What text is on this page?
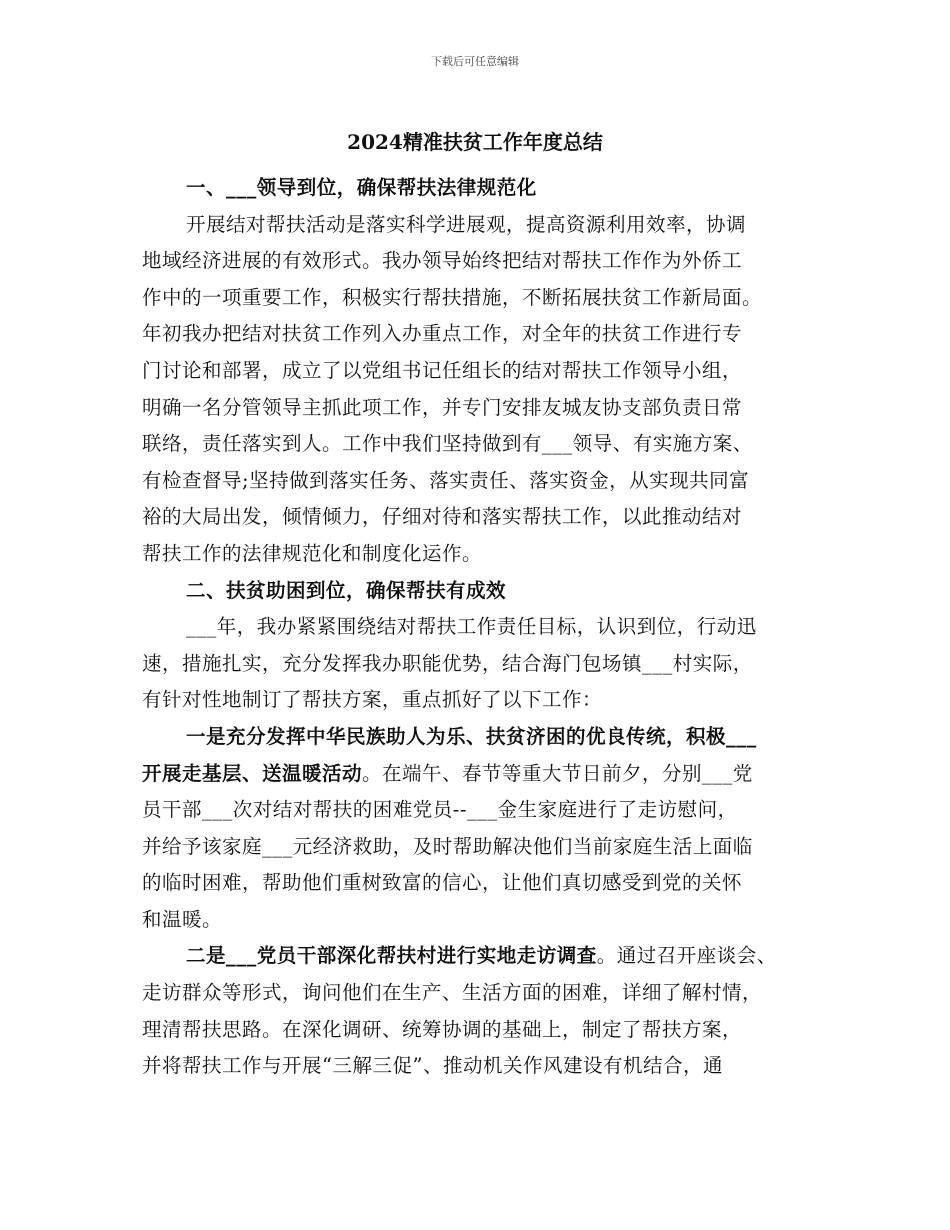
下载后可任意编辑
2024精准扶贫工作年度总结
一、___领导到位，确保帮扶法律规范化
开展结对帮扶活动是落实科学进展观，提高资源利用效率，协调
地域经济进展的有效形式。我办领导始终把结对帮扶工作作为外侨工
作中的一项重要工作，积极实行帮扶措施，不断拓展扶贫工作新局面。
年初我办把结对扶贫工作列入办重点工作，对全年的扶贫工作进行专
门讨论和部署，成立了以党组书记任组长的结对帮扶工作领导小组，
明确一名分管领导主抓此项工作，并专门安排友城友协支部负责日常
联络，责任落实到人。工作中我们坚持做到有___领导、有实施方案、
有检查督导;坚持做到落实任务、落实责任、落实资金，从实现共同富
裕的大局出发，倾情倾力，仔细对待和落实帮扶工作，以此推动结对
帮扶工作的法律规范化和制度化运作。
二、扶贫助困到位，确保帮扶有成效
___年，我办紧紧围绕结对帮扶工作责任目标，认识到位，行动迅
速，措施扎实，充分发挥我办职能优势，结合海门包场镇___村实际，
有针对性地制订了帮扶方案，重点抓好了以下工作：
一是充分发挥中华民族助人为乐、扶贫济困的优良传统，积极___
开展走基层、送温暖活动。在端午、春节等重大节日前夕，分别___党
员干部___次对结对帮扶的困难党员--___金生家庭进行了走访慰问，
并给予该家庭___元经济救助，及时帮助解决他们当前家庭生活上面临
的临时困难，帮助他们重树致富的信心，让他们真切感受到党的关怀
和温暖。
二是___党员干部深化帮扶村进行实地走访调查。通过召开座谈会、
走访群众等形式，询问他们在生产、生活方面的困难，详细了解村情，
理清帮扶思路。在深化调研、统筹协调的基础上，制定了帮扶方案，
并将帮扶工作与开展“三解三促”、推动机关作风建设有机结合，通
